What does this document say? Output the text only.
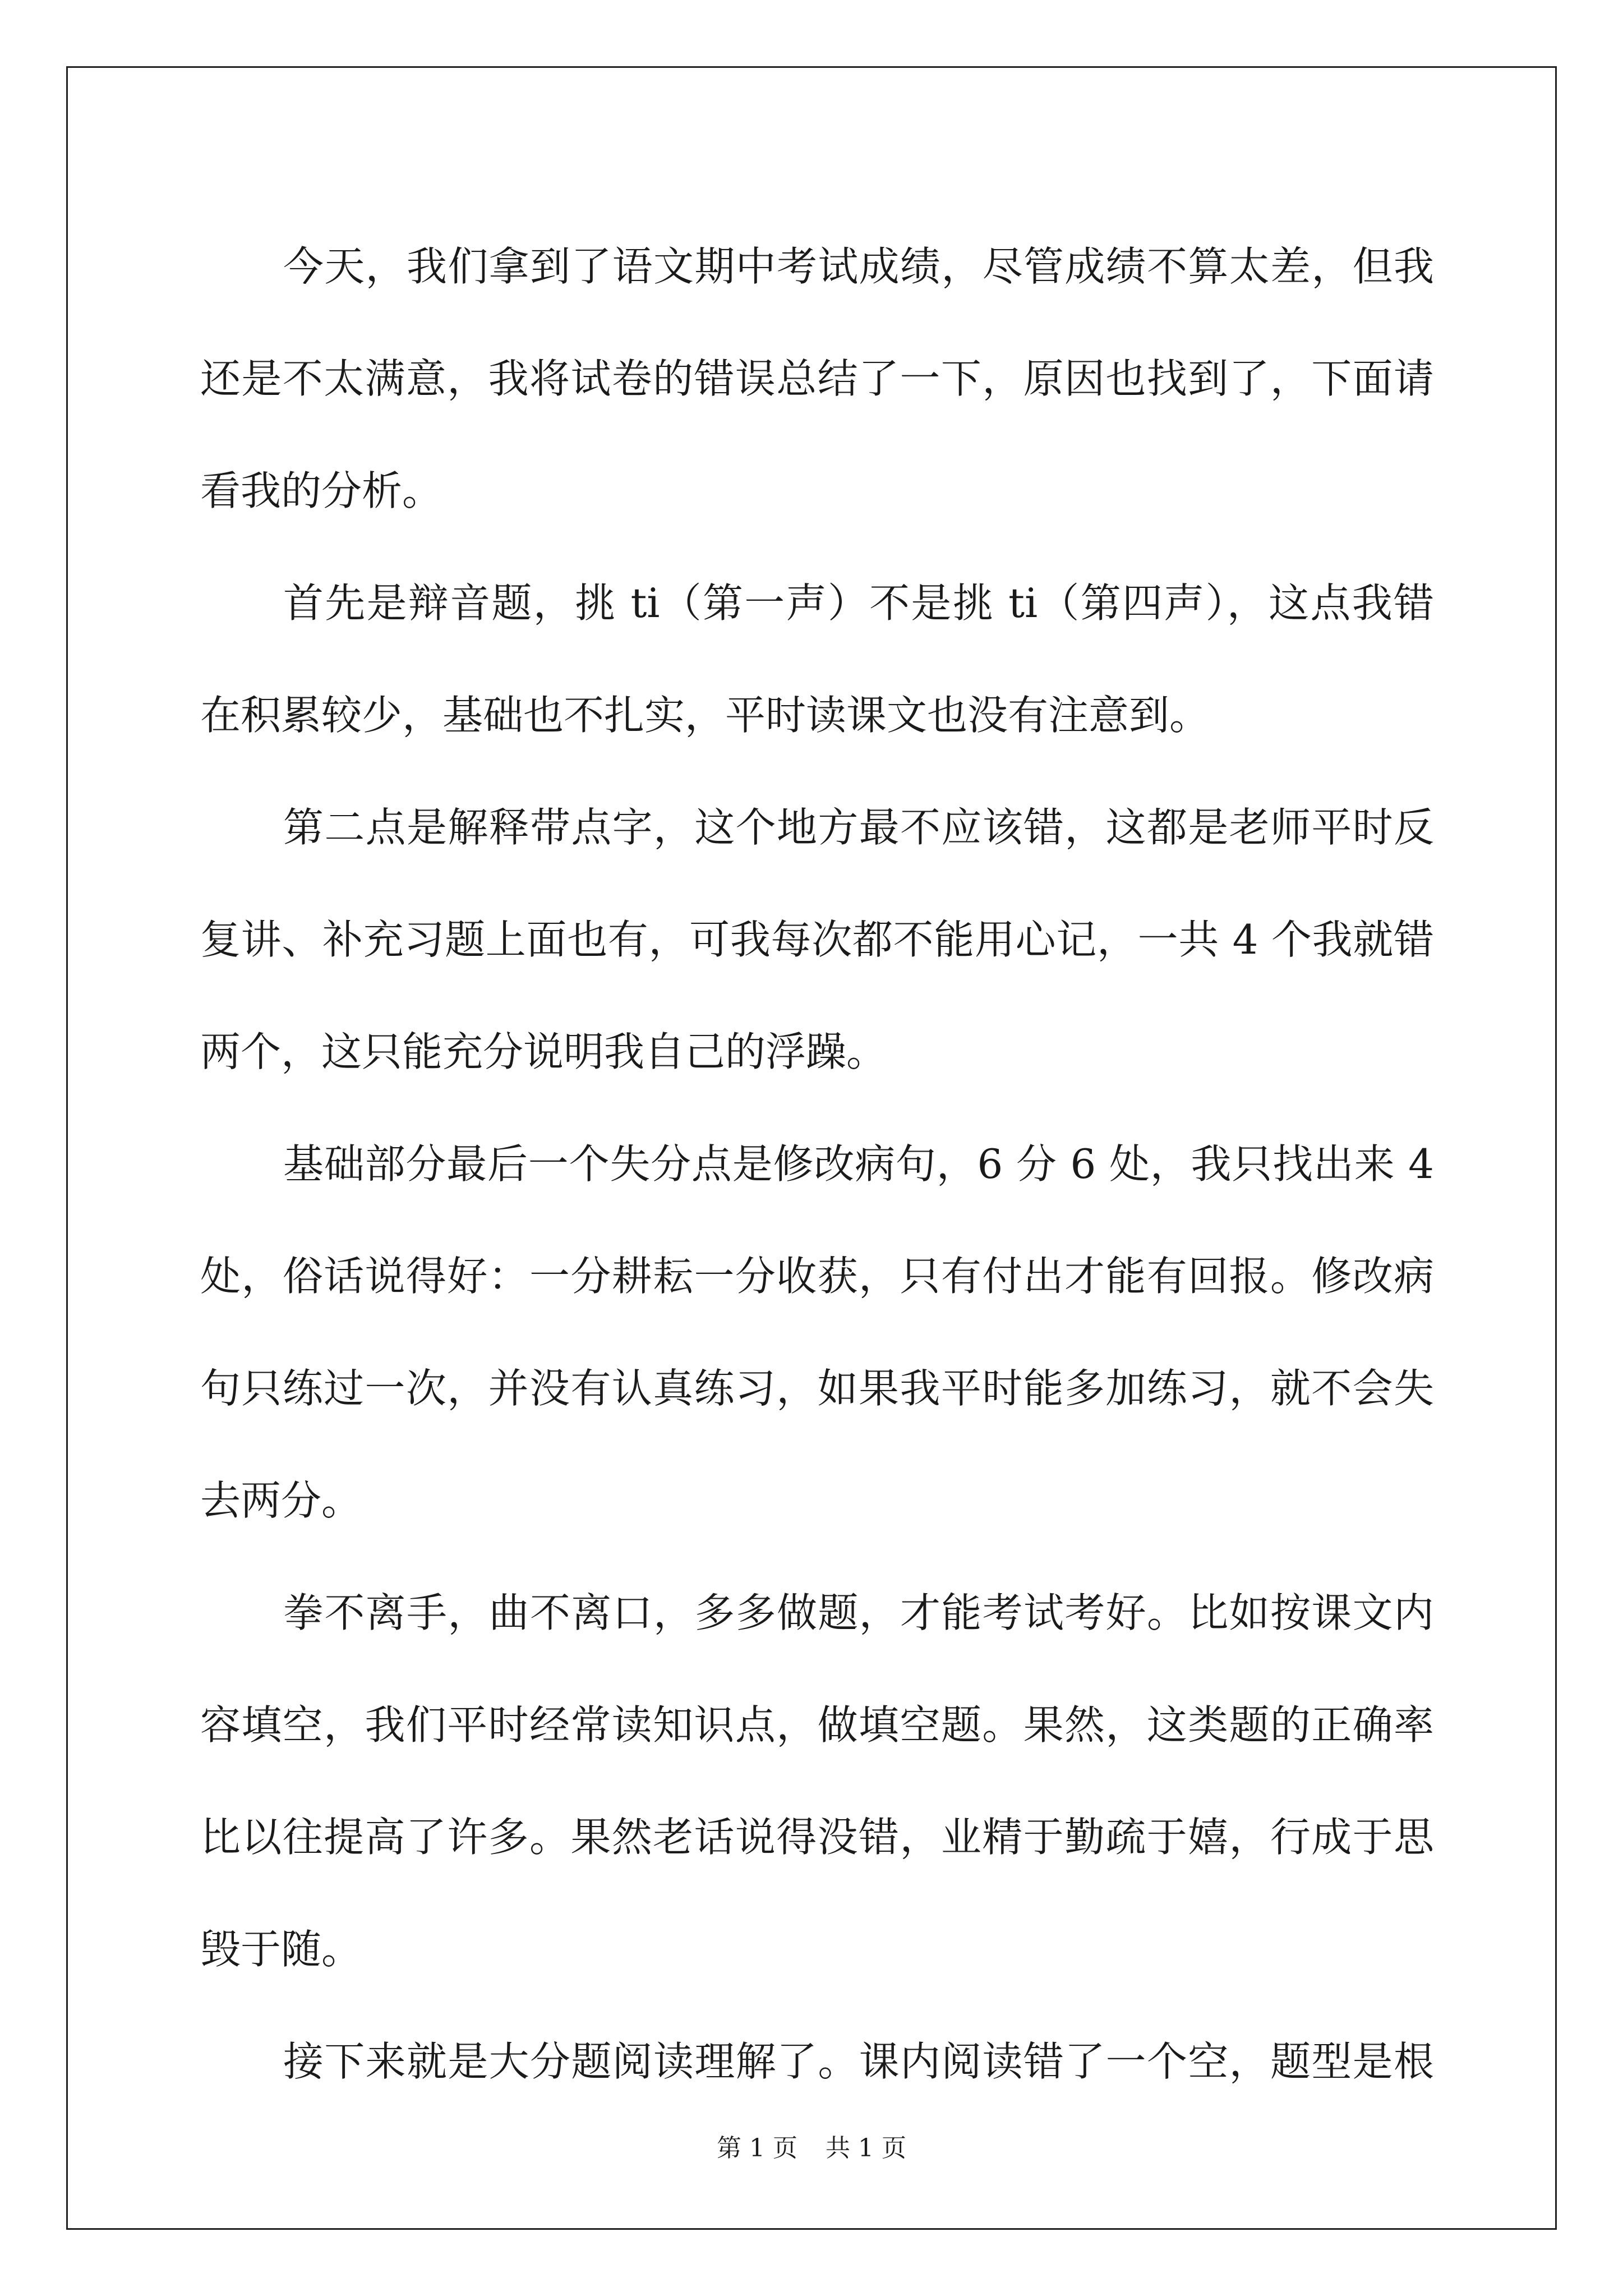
今天，我们拿到了语文期中考试成绩，尽管成绩不算太差，但我
还是不太满意，我将试卷的错误总结了一下，原因也找到了，下面请
看我的分析。
首先是辩音题，挑 ti（第一声）不是挑 ti（第四声），这点我错
在积累较少，基础也不扎实，平时读课文也没有注意到。
第二点是解释带点字，这个地方最不应该错，这都是老师平时反
复讲、补充习题上面也有，可我每次都不能用心记，一共 4 个我就错
两个，这只能充分说明我自己的浮躁。
基础部分最后一个失分点是修改病句，6 分 6 处，我只找出来 4
处，俗话说得好：一分耕耘一分收获，只有付出才能有回报。修改病
句只练过一次，并没有认真练习，如果我平时能多加练习，就不会失
去两分。
拳不离手，曲不离口，多多做题，才能考试考好。比如按课文内
容填空，我们平时经常读知识点，做填空题。果然，这类题的正确率
比以往提高了许多。果然老话说得没错，业精于勤疏于嬉，行成于思
毁于随。
接下来就是大分题阅读理解了。课内阅读错了一个空，题型是根
第 1 页 共 1 页
